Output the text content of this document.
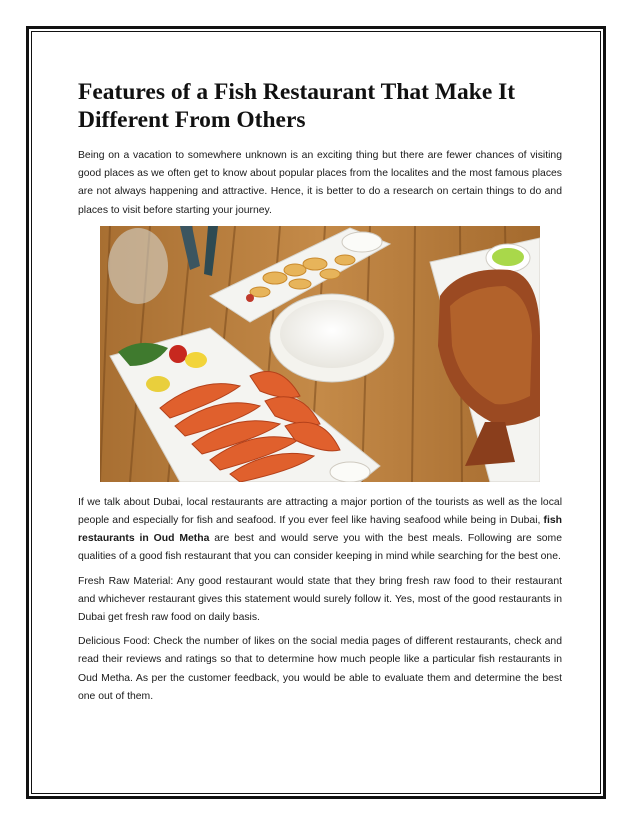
Features of a Fish Restaurant That Make It Different From Others

Being on a vacation to somewhere unknown is an exciting thing but there are fewer chances of visiting good places as we often get to know about popular places from the localites and the most famous places are not always happening and attractive. Hence, it is better to do a research on certain things to do and places to visit before starting your journey.

If we talk about Dubai, local restaurants are attracting a major portion of the tourists as well as the local people and especially for fish and seafood. If you ever feel like having seafood while being in Dubai, fish restaurants in Oud Metha are best and would serve you with the best meals. Following are some qualities of a good fish restaurant that you can consider keeping in mind while searching for the best one.

Fresh Raw Material: Any good restaurant would state that they bring fresh raw food to their restaurant and whichever restaurant gives this statement would surely follow it. Yes, most of the good restaurants in Dubai get fresh raw food on daily basis.

Delicious Food: Check the number of likes on the social media pages of different restaurants, check and read their reviews and ratings so that to determine how much people like a particular fish restaurants in Oud Metha. As per the customer feedback, you would be able to evaluate them and determine the best one out of them.
